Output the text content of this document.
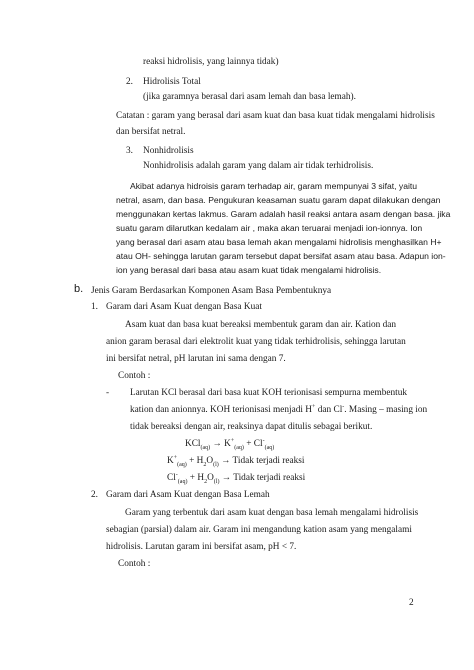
reaksi hidrolisis, yang lainnya tidak)
2. Hidrolisis Total
(jika garamnya berasal dari asam lemah dan basa lemah).
Catatan : garam yang berasal dari asam kuat dan basa kuat tidak mengalami hidrolisis
dan bersifat netral.
3. Nonhidrolisis
Nonhidrolisis adalah garam yang dalam air tidak terhidrolisis.
Akibat adanya hidroisis garam terhadap air, garam mempunyai 3 sifat, yaitu
netral, asam, dan basa. Pengukuran keasaman suatu garam dapat dilakukan dengan
menggunakan kertas lakmus. Garam adalah hasil reaksi antara asam dengan basa. jika
suatu garam dilarutkan kedalam air , maka akan teruarai menjadi ion-ionnya. Ion
yang berasal dari asam atau basa lemah akan mengalami hidrolisis menghasilkan H+
atau OH- sehingga larutan garam tersebut dapat bersifat asam atau basa. Adapun ion-
ion yang berasal dari basa atau asam kuat tidak mengalami hidrolisis.
b. Jenis Garam Berdasarkan Komponen Asam Basa Pembentuknya
1. Garam dari Asam Kuat dengan Basa Kuat
Asam kuat dan basa kuat bereaksi membentuk garam dan air. Kation dan
anion garam berasal dari elektrolit kuat yang tidak terhidrolisis, sehingga larutan
ini bersifat netral, pH larutan ini sama dengan 7.
Contoh :
- Larutan KCl berasal dari basa kuat KOH terionisasi sempurna membentuk
kation dan anionnya. KOH terionisasi menjadi H+ dan Cl-. Masing – masing ion
tidak bereaksi dengan air, reaksinya dapat ditulis sebagai berikut.
$KCl_{(aq)} \to K^+_{(aq)} + Cl^-_{(aq)}$
$K^+_{(aq)} + H_2O_{(l)}$ → Tidak terjadi reaksi
$Cl^-_{(aq)} + H_2O_{(l)}$ → Tidak terjadi reaksi
2. Garam dari Asam Kuat dengan Basa Lemah
Garam yang terbentuk dari asam kuat dengan basa lemah mengalami hidrolisis
sebagian (parsial) dalam air. Garam ini mengandung kation asam yang mengalami
hidrolisis. Larutan garam ini bersifat asam, pH < 7.
Contoh :
2
